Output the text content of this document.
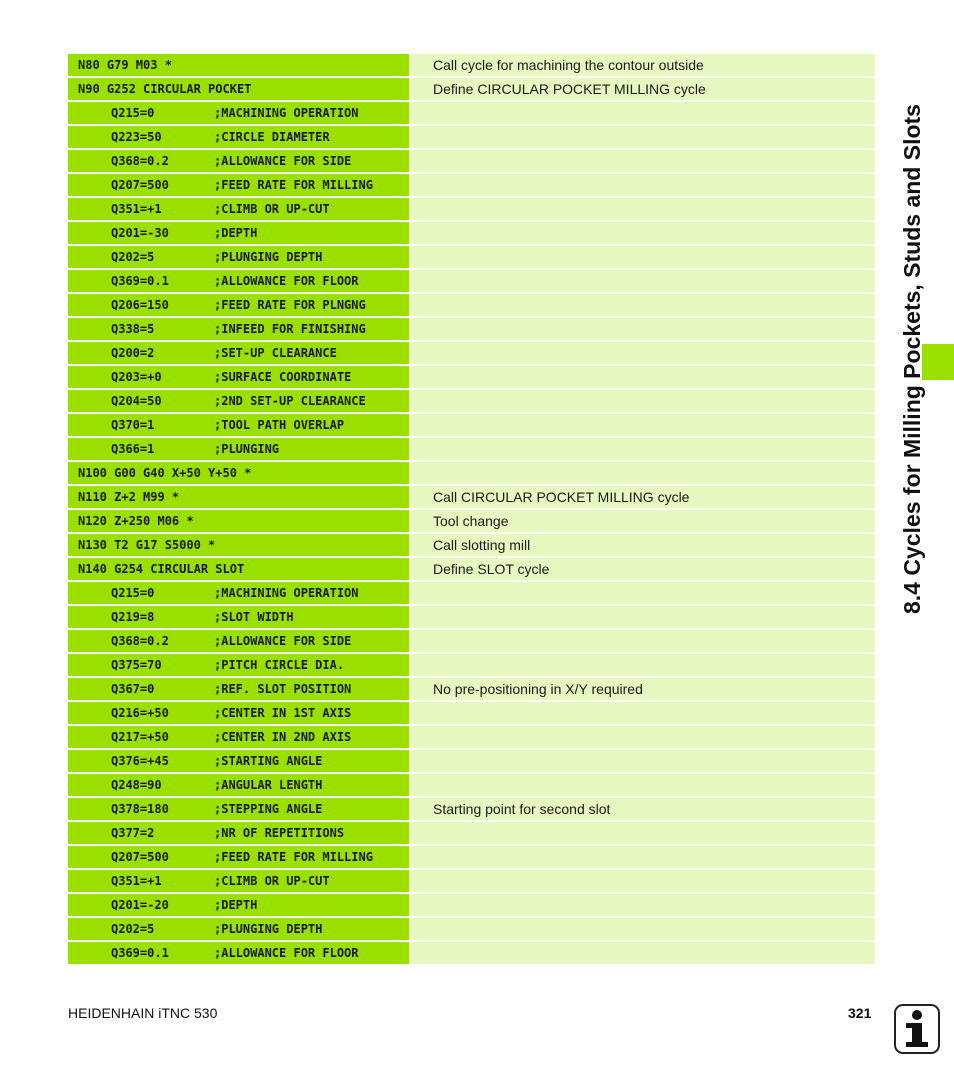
N80 G79 M03 *	Call cycle for machining the contour outside
N90 G252 CIRCULAR POCKET	Define CIRCULAR POCKET MILLING cycle
Q215=0	;MACHINING OPERATION
Q223=50	;CIRCLE DIAMETER
Q368=0.2	;ALLOWANCE FOR SIDE
Q207=500	;FEED RATE FOR MILLING
Q351=+1	;CLIMB OR UP-CUT
Q201=-30	;DEPTH
Q202=5	;PLUNGING DEPTH
Q369=0.1	;ALLOWANCE FOR FLOOR
Q206=150	;FEED RATE FOR PLNGNG
Q338=5	;INFEED FOR FINISHING
Q200=2	;SET-UP CLEARANCE
Q203=+0	;SURFACE COORDINATE
Q204=50	;2ND SET-UP CLEARANCE
Q370=1	;TOOL PATH OVERLAP
Q366=1	;PLUNGING
N100 G00 G40 X+50 Y+50 *
N110 Z+2 M99 *	Call CIRCULAR POCKET MILLING cycle
N120 Z+250 M06 *	Tool change
N130 T2 G17 S5000 *	Call slotting mill
N140 G254 CIRCULAR SLOT	Define SLOT cycle
Q215=0	;MACHINING OPERATION
Q219=8	;SLOT WIDTH
Q368=0.2	;ALLOWANCE FOR SIDE
Q375=70	;PITCH CIRCLE DIA.
Q367=0	;REF. SLOT POSITION	No pre-positioning in X/Y required
Q216=+50	;CENTER IN 1ST AXIS
Q217=+50	;CENTER IN 2ND AXIS
Q376=+45	;STARTING ANGLE
Q248=90	;ANGULAR LENGTH
Q378=180	;STEPPING ANGLE	Starting point for second slot
Q377=2	;NR OF REPETITIONS
Q207=500	;FEED RATE FOR MILLING
Q351=+1	;CLIMB OR UP-CUT
Q201=-20	;DEPTH
Q202=5	;PLUNGING DEPTH
Q369=0.1	;ALLOWANCE FOR FLOOR
8.4 Cycles for Milling Pockets, Studs and Slots
HEIDENHAIN iTNC 530	321
